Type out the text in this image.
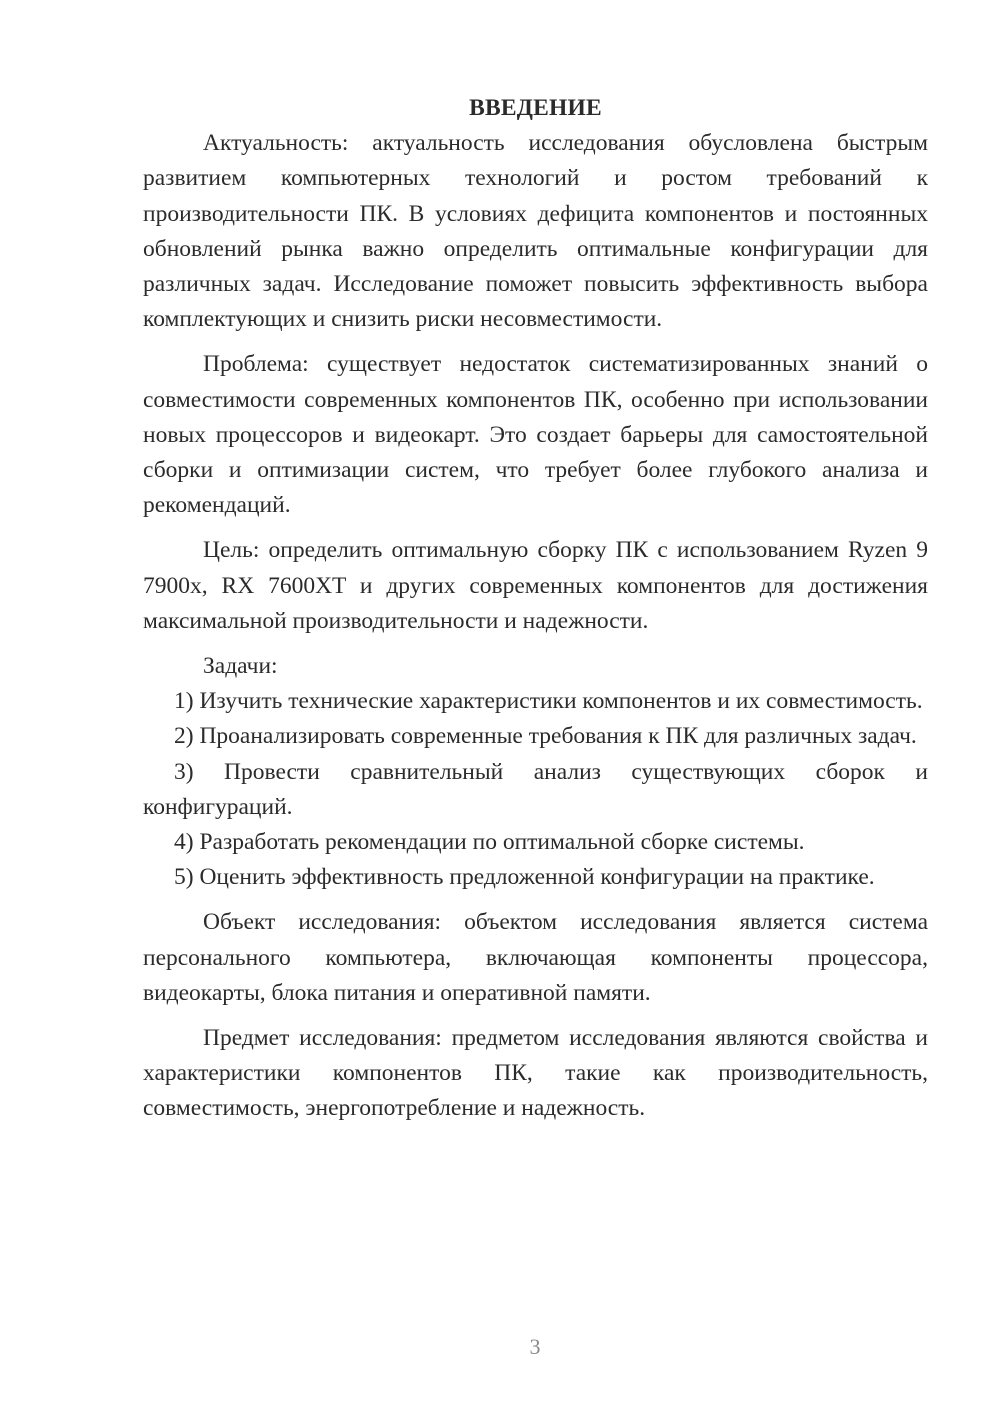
ВВЕДЕНИЕ

Актуальность: актуальность исследования обусловлена быстрым развитием компьютерных технологий и ростом требований к производительности ПК. В условиях дефицита компонентов и постоянных обновлений рынка важно определить оптимальные конфигурации для различных задач. Исследование поможет повысить эффективность выбора комплектующих и снизить риски несовместимости.

Проблема: существует недостаток систематизированных знаний о совместимости современных компонентов ПК, особенно при использовании новых процессоров и видеокарт. Это создает барьеры для самостоятельной сборки и оптимизации систем, что требует более глубокого анализа и рекомендаций.

Цель: определить оптимальную сборку ПК с использованием Ryzen 9 7900x, RX 7600XT и других современных компонентов для достижения максимальной производительности и надежности.

Задачи:

1) Изучить технические характеристики компонентов и их совместимость.

2) Проанализировать современные требования к ПК для различных задач.

3) Провести сравнительный анализ существующих сборок и конфигураций.

4) Разработать рекомендации по оптимальной сборке системы.

5) Оценить эффективность предложенной конфигурации на практике.

Объект исследования: объектом исследования является система персонального компьютера, включающая компоненты процессора, видеокарты, блока питания и оперативной памяти.

Предмет исследования: предметом исследования являются свойства и характеристики компонентов ПК, такие как производительность, совместимость, энергопотребление и надежность.

3
